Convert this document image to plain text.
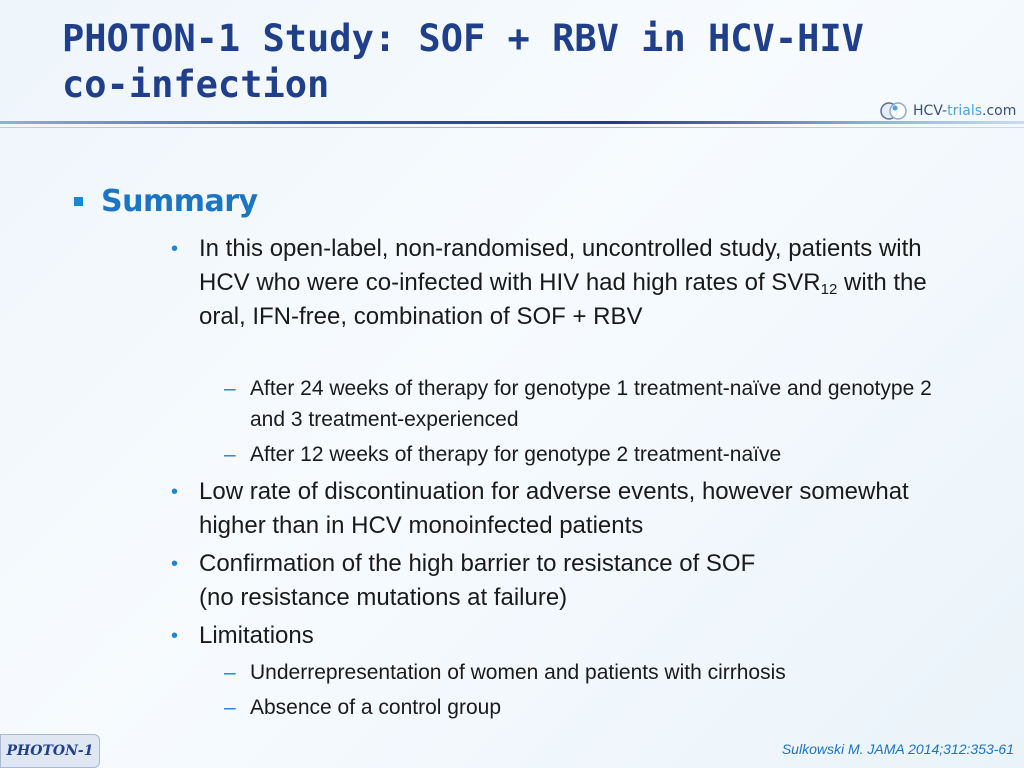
PHOTON-1 Study: SOF + RBV in HCV-HIV co-infection
HCV-trials.com
Summary
• In this open-label, non-randomised, uncontrolled study, patients with HCV who were co-infected with HIV had high rates of $SVR_{12}$ with the oral, IFN-free, combination of SOF + RBV
– After 24 weeks of therapy for genotype 1 treatment-naïve and genotype 2 and 3 treatment-experienced
– After 12 weeks of therapy for genotype 2 treatment-naïve
• Low rate of discontinuation for adverse events, however somewhat higher than in HCV monoinfected patients
• Confirmation of the high barrier to resistance of SOF
(no resistance mutations at failure)
• Limitations
– Underrepresentation of women and patients with cirrhosis
– Absence of a control group
PHOTON-1	Sulkowski M. JAMA 2014;312:353-61
